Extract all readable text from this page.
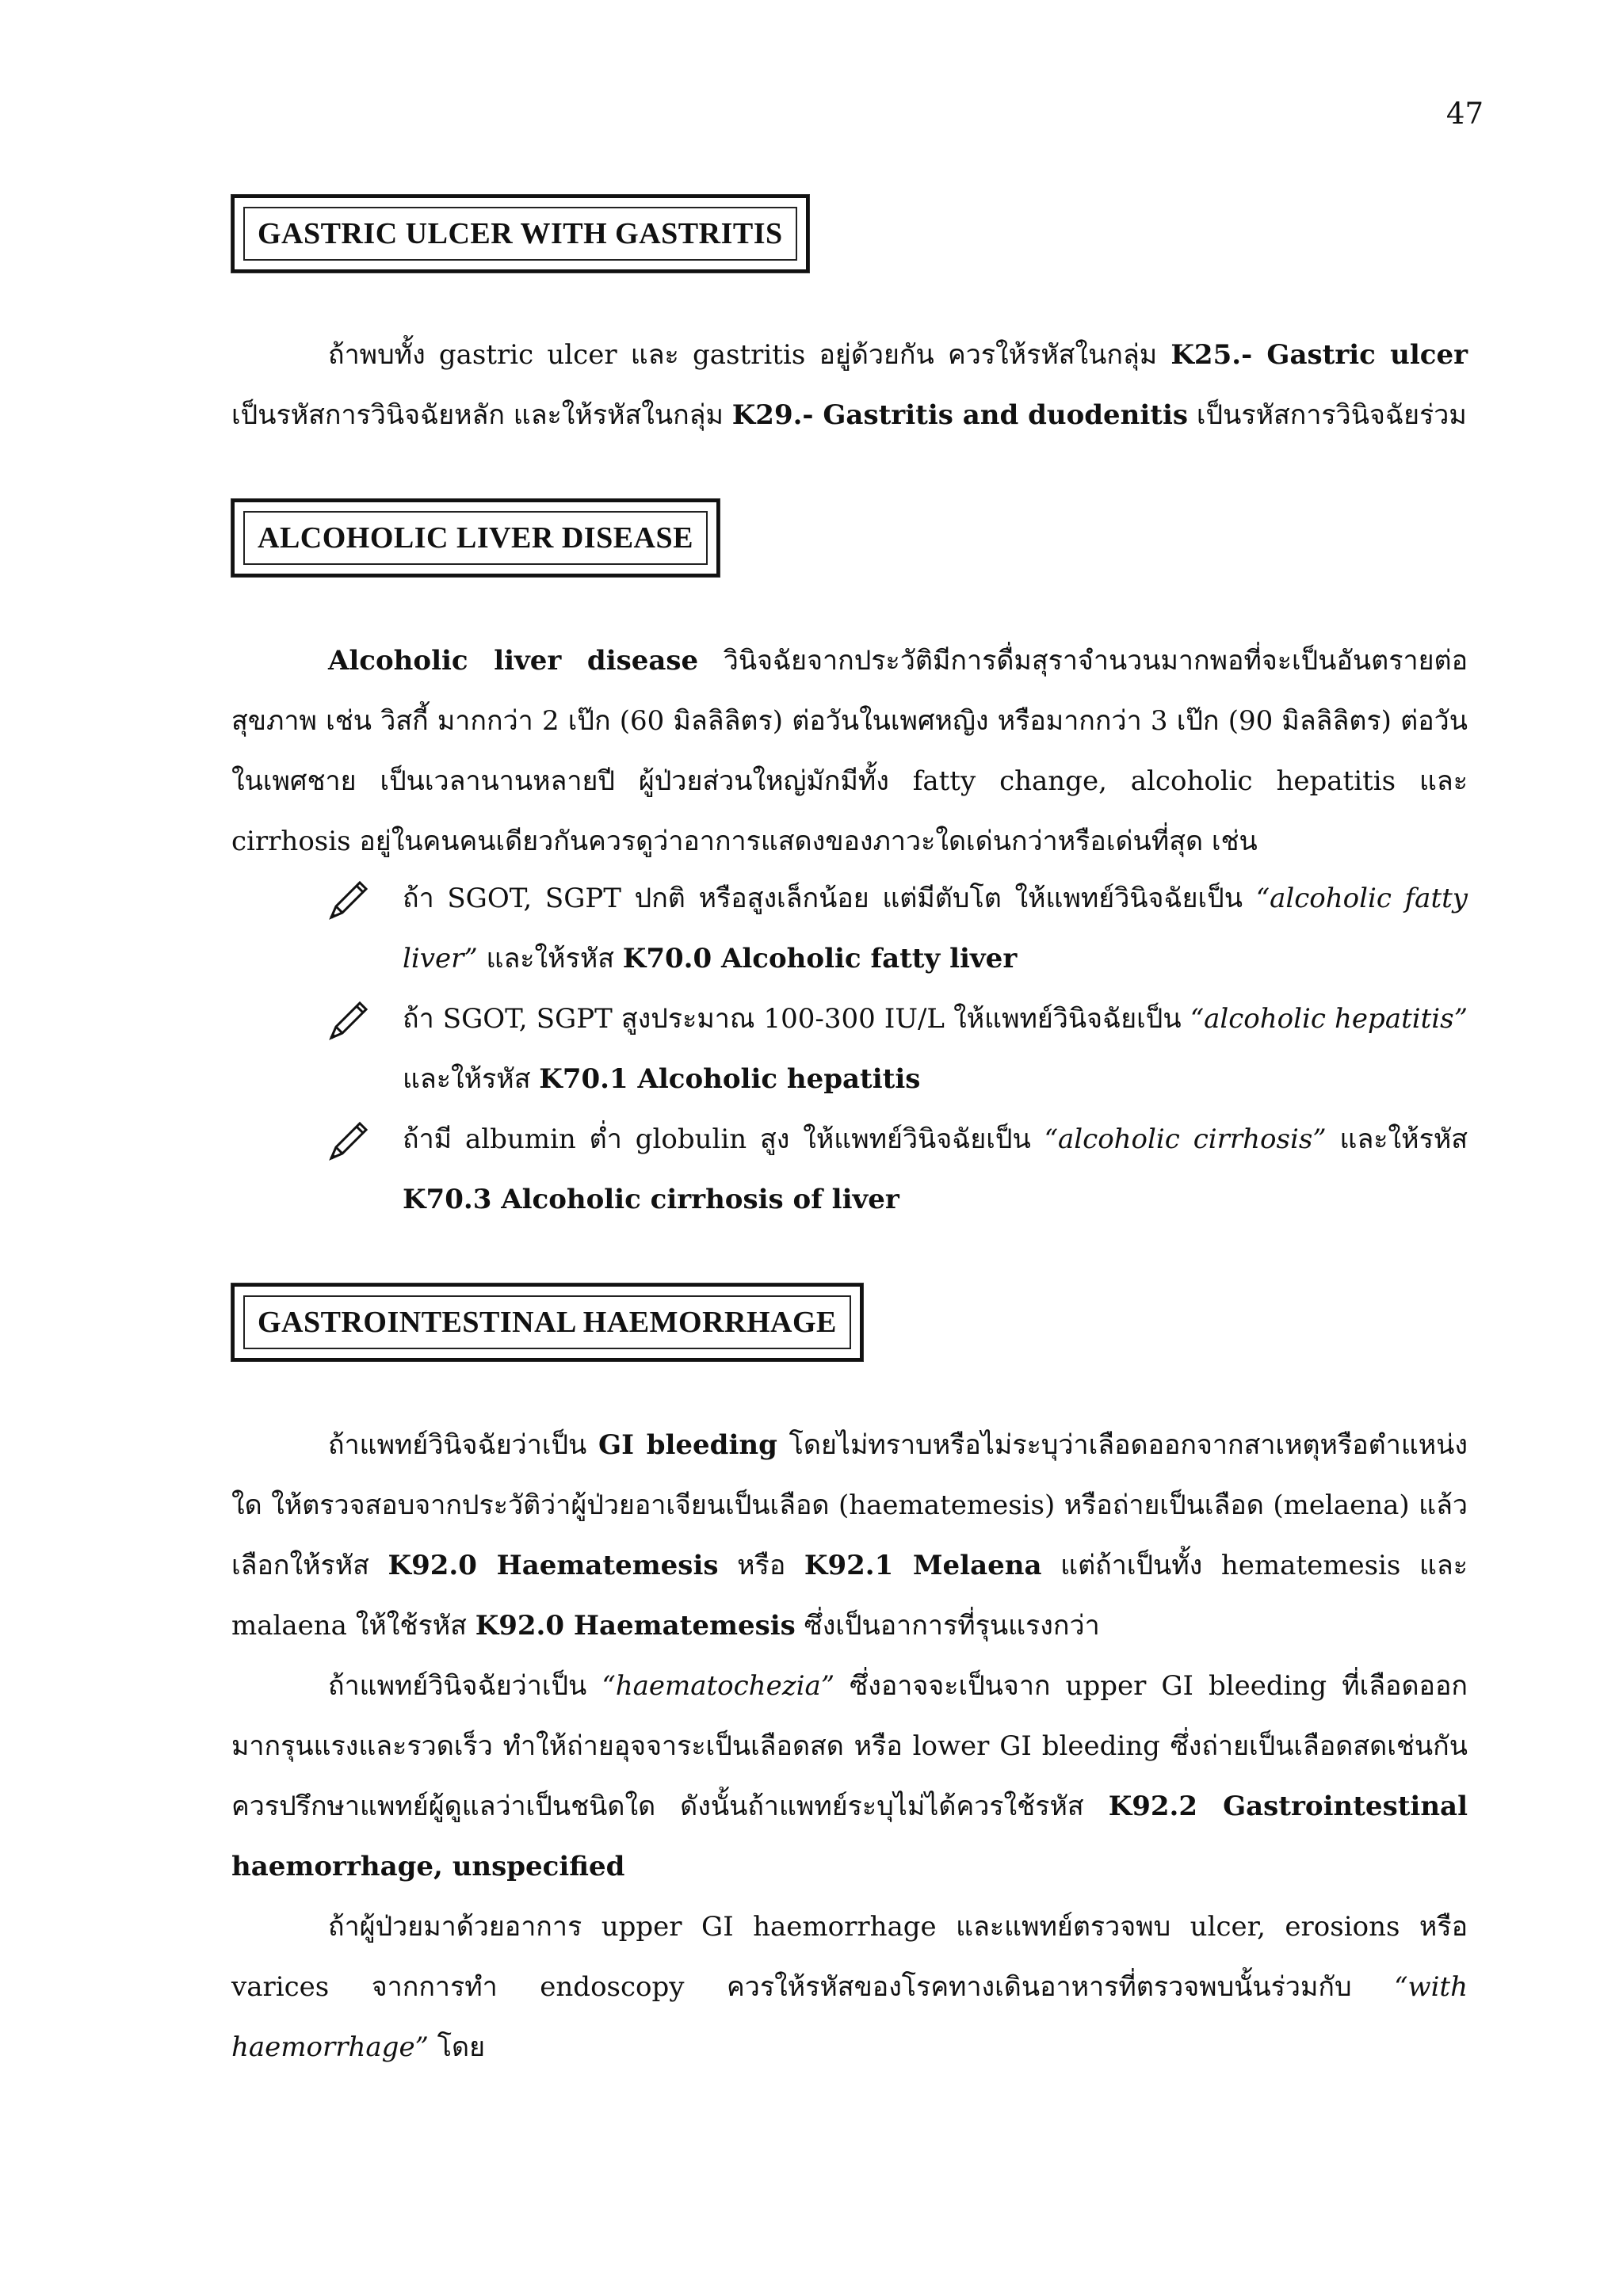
47
GASTRIC ULCER WITH GASTRITIS
ถ้าพบทั้ง gastric ulcer และ gastritis อยู่ด้วยกัน ควรให้รหัสในกลุ่ม K25.- Gastric ulcer เป็นรหัสการวินิจฉัยหลัก และให้รหัสในกลุ่ม K29.- Gastritis and duodenitis เป็นรหัสการวินิจฉัยร่วม
ALCOHOLIC LIVER DISEASE
Alcoholic liver disease วินิจฉัยจากประวัติมีการดื่มสุราจำนวนมากพอที่จะเป็นอันตรายต่อสุขภาพ เช่น วิสกี้ มากกว่า 2 เป๊ก (60 มิลลิลิตร) ต่อวันในเพศหญิง หรือมากกว่า 3 เป๊ก (90 มิลลิลิตร) ต่อวันในเพศชาย เป็นเวลานานหลายปี ผู้ป่วยส่วนใหญ่มักมีทั้ง fatty change, alcoholic hepatitis และ cirrhosis อยู่ในคนคนเดียวกันควรดูว่าอาการแสดงของภาวะใดเด่นกว่าหรือเด่นที่สุด เช่น
ถ้า SGOT, SGPT ปกติ หรือสูงเล็กน้อย แต่มีตับโต ให้แพทย์วินิจฉัยเป็น “alcoholic fatty liver” และให้รหัส K70.0 Alcoholic fatty liver
ถ้า SGOT, SGPT สูงประมาณ 100-300 IU/L ให้แพทย์วินิจฉัยเป็น “alcoholic hepatitis” และให้รหัส K70.1 Alcoholic hepatitis
ถ้ามี albumin ต่ำ globulin สูง ให้แพทย์วินิจฉัยเป็น “alcoholic cirrhosis” และให้รหัส K70.3 Alcoholic cirrhosis of liver
GASTROINTESTINAL HAEMORRHAGE
ถ้าแพทย์วินิจฉัยว่าเป็น GI bleeding โดยไม่ทราบหรือไม่ระบุว่าเลือดออกจากสาเหตุหรือตำแหน่งใด ให้ตรวจสอบจากประวัติว่าผู้ป่วยอาเจียนเป็นเลือด (haematemesis) หรือถ่ายเป็นเลือด (melaena) แล้วเลือกให้รหัส K92.0 Haematemesis หรือ K92.1 Melaena แต่ถ้าเป็นทั้ง hematemesis และ malaena ให้ใช้รหัส K92.0 Haematemesis ซึ่งเป็นอาการที่รุนแรงกว่า
ถ้าแพทย์วินิจฉัยว่าเป็น “haematochezia” ซึ่งอาจจะเป็นจาก upper GI bleeding ที่เลือดออกมากรุนแรงและรวดเร็ว ทำให้ถ่ายอุจจาระเป็นเลือดสด หรือ lower GI bleeding ซึ่งถ่ายเป็นเลือดสดเช่นกัน ควรปรึกษาแพทย์ผู้ดูแลว่าเป็นชนิดใด ดังนั้นถ้าแพทย์ระบุไม่ได้ควรใช้รหัส K92.2 Gastrointestinal haemorrhage, unspecified
ถ้าผู้ป่วยมาด้วยอาการ upper GI haemorrhage และแพทย์ตรวจพบ ulcer, erosions หรือ varices จากการทำ endoscopy ควรให้รหัสของโรคทางเดินอาหารที่ตรวจพบนั้นร่วมกับ “with haemorrhage” โดย
